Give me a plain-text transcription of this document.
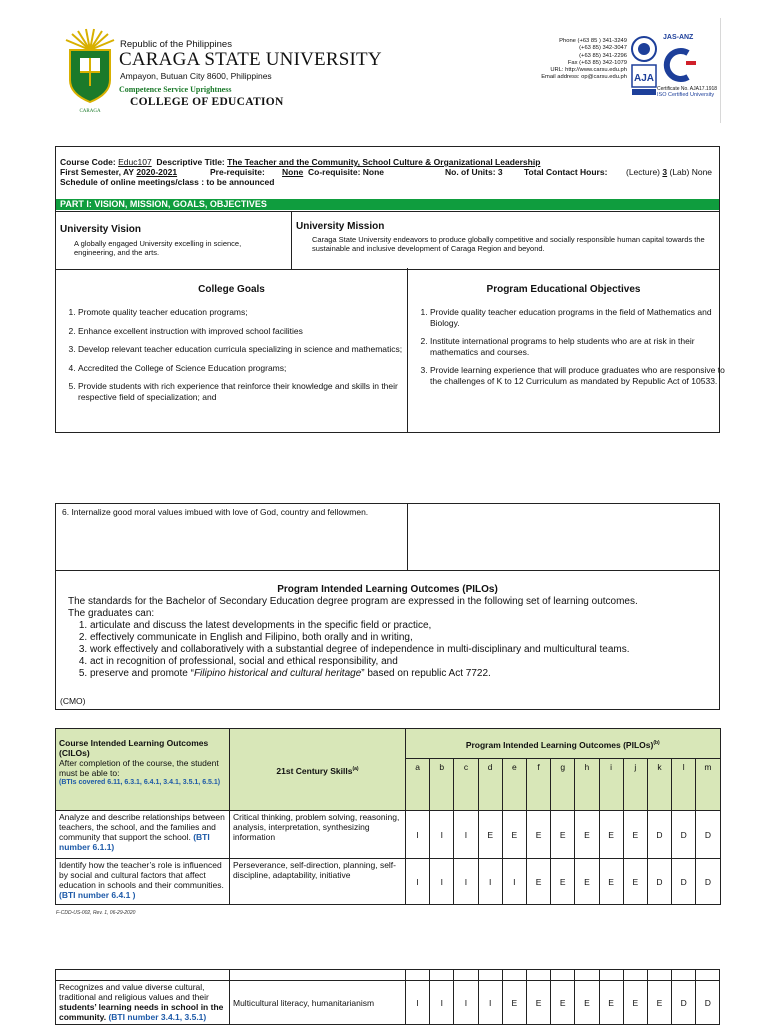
CARAGA
Republic of the Philippines
CARAGA STATE UNIVERSITY
Ampayon, Butuan City 8600, Philippines
Competence Service Uprightness
COLLEGE OF EDUCATION
Phone (+63 85 ) 341-3249
(+63 85) 342-3047
(+63 85) 341-2296
Fax (+63 85) 342-1079
URL: http://www.carsu.edu.ph
Email address: op@carsu.edu.ph AJA
JAS-ANZ
Certificate No. AJA17.1918
ISO Certified University
Course Code: Educ107 Descriptive Title: The Teacher and the Community, School Culture & Organizational Leadership
First Semester, AY 2020-2021	Pre-requisite: None Co-requisite: None	No. of Units: 3	Total Contact Hours: (Lecture) 3 (Lab) None
Schedule of online meetings/class : to be announced
PART I: VISION, MISSION, GOALS, OBJECTIVES
University Vision
A globally engaged University excelling in science, engineering, and the arts.
University Mission
Caraga State University endeavors to produce globally competitive and socially responsible human capital towards the sustainable and inclusive development of Caraga Region and beyond.
College Goals
1. Promote quality teacher education programs;
2. Enhance excellent instruction with improved school facilities
3. Develop relevant teacher education curricula specializing in science and mathematics;
4. Accredited the College of Science Education programs;
5. Provide students with rich experience that reinforce their knowledge and skills in their respective field of specialization; and
Program Educational Objectives
1. Provide quality teacher education programs in the field of Mathematics and Biology.
2. Institute international programs to help students who are at risk in their mathematics and courses.
3. Provide learning experience that will produce graduates who are responsive to the challenges of K to 12 Curriculum as mandated by Republic Act of 10533.
6. Internalize good moral values imbued with love of God, country and fellowmen.
Program Intended Learning Outcomes (PILOs)
The standards for the Bachelor of Secondary Education degree program are expressed in the following set of learning outcomes.
The graduates can:
1. articulate and discuss the latest developments in the specific field or practice,
2. effectively communicate in English and Filipino, both orally and in writing,
3. work effectively and collaboratively with a substantial degree of independence in multi-disciplinary and multicultural teams.
4. act in recognition of professional, social and ethical responsibility, and
5. preserve and promote “Filipino historical and cultural heritage” based on republic Act 7722.
(CMO)
Course Intended Learning Outcomes (CILOs)
After completion of the course, the student must be able to:
(BTIs covered 6.11, 6.3.1, 6.4.1, 3.4.1, 3.5.1, 6.5.1)	21st Century Skills$^{(a)}$	Program Intended Learning Outcomes (PILOs)$^{(b)}$
		a	b	c	d	e	f	g	h	i	j	k	l	m
Analyze and describe relationships between teachers, the school, and the families and community that support the school. (BTI number 6.1.1)	Critical thinking, problem solving, reasoning, analysis, interpretation, synthesizing information	I	I	I	E	E	E	E	E	E	E	D	D	D
Identify how the teacher’s role is influenced by social and cultural factors that affect education in schools and their communities. (BTI number 6.4.1 )	Perseverance, self-direction, planning, self-discipline, adaptability, initiative	I	I	I	I	I	E	E	E	E	E	D	D	D
F-CDD-US-002, Rev. 1, 06-29-2020

Recognizes and value diverse cultural, traditional and religious values and their students’ learning needs in school in the community. (BTI number 3.4.1, 3.5.1)	Multicultural literacy, humanitarianism	I	I	I	I	E	E	E	E	E	E	E	D	D
